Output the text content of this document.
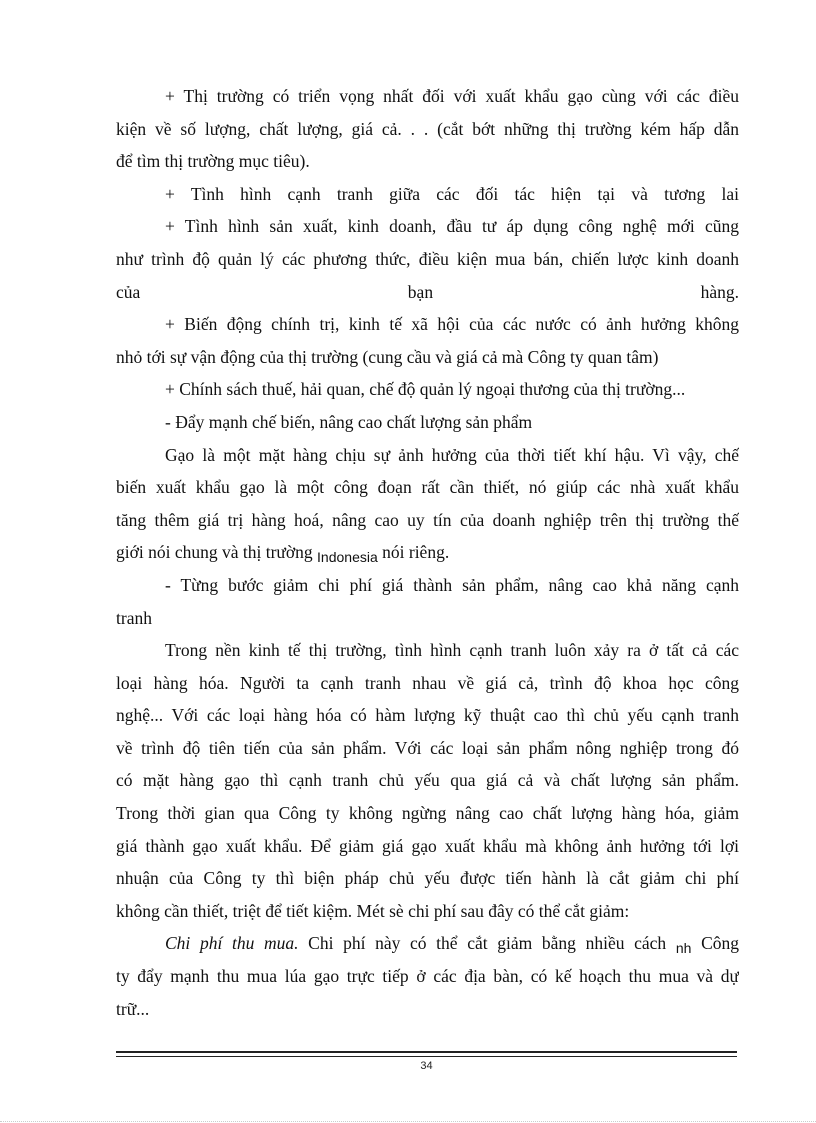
+ Thị trường có triển vọng nhất đối với xuất khẩu gạo cùng với các điều
kiện về số lượng, chất lượng, giá cả. . . (cắt bớt những thị trường kém hấp dẫn
để tìm thị trường mục tiêu).
+ Tình hình cạnh tranh giữa các đối tác hiện tại và tương lai
+ Tình hình sản xuất, kinh doanh, đầu tư áp dụng công nghệ mới cũng
như trình độ quản lý các phương thức, điều kiện mua bán, chiến lược kinh doanh
của bạn hàng.
+ Biến động chính trị, kinh tế xã hội của các nước có ảnh hưởng không
nhỏ tới sự vận động của thị trường (cung cầu và giá cả mà Công ty quan tâm)
+ Chính sách thuế, hải quan, chế độ quản lý ngoại thương của thị trường...
- Đẩy mạnh chế biến, nâng cao chất lượng sản phẩm
Gạo là một mặt hàng chịu sự ảnh hưởng của thời tiết khí hậu. Vì vậy, chế
biến xuất khẩu gạo là một công đoạn rất cần thiết, nó giúp các nhà xuất khẩu
tăng thêm giá trị hàng hoá, nâng cao uy tín của doanh nghiệp trên thị trường thế
giới nói chung và thị trường $_{Indonesia}$ nói riêng.
- Từng bước giảm chi phí giá thành sản phẩm, nâng cao khả năng cạnh
tranh
Trong nền kinh tế thị trường, tình hình cạnh tranh luôn xảy ra ở tất cả các
loại hàng hóa. Người ta cạnh tranh nhau về giá cả, trình độ khoa học công
nghệ... Với các loại hàng hóa có hàm lượng kỹ thuật cao thì chủ yếu cạnh tranh
về trình độ tiên tiến của sản phẩm. Với các loại sản phẩm nông nghiệp trong đó
có mặt hàng gạo thì cạnh tranh chủ yếu qua giá cả và chất lượng sản phẩm.
Trong thời gian qua Công ty không ngừng nâng cao chất lượng hàng hóa, giảm
giá thành gạo xuất khẩu. Để giảm giá gạo xuất khẩu mà không ảnh hưởng tới lợi
nhuận của Công ty thì biện pháp chủ yếu được tiến hành là cắt giảm chi phí
không cần thiết, triệt để tiết kiệm. Mét sè chi phí sau đây có thể cắt giảm:
Chi phí thu mua. Chi phí này có thể cắt giảm bằng nhiều cách $_{nh}$ Công
ty đẩy mạnh thu mua lúa gạo trực tiếp ở các địa bàn, có kế hoạch thu mua và dự
trữ...
34
